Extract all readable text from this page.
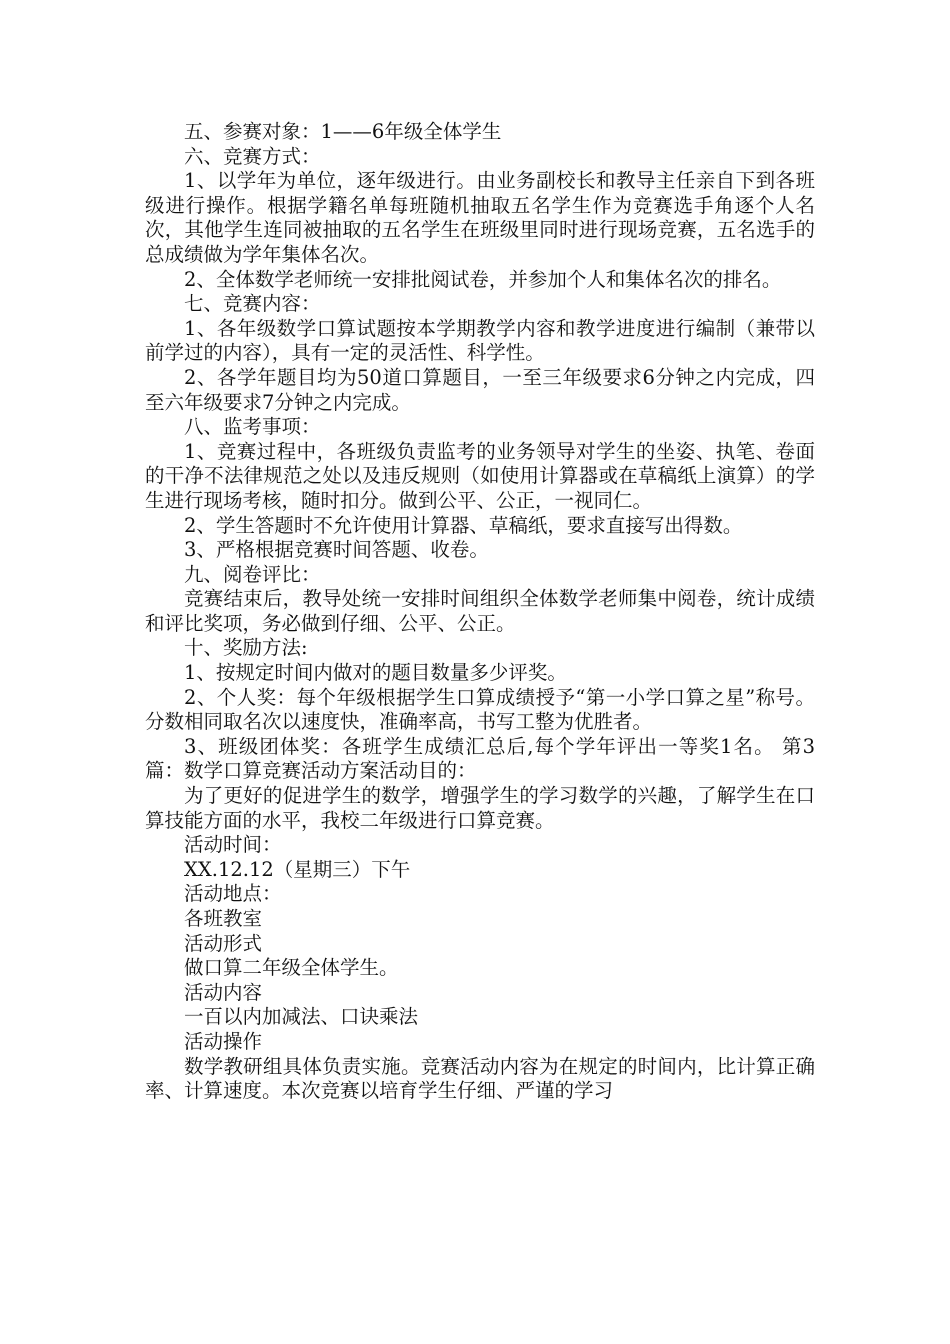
五、参赛对象：1——6年级全体学生

六、竞赛方式：

1、以学年为单位，逐年级进行。由业务副校长和教导主任亲自下到各班级进行操作。根据学籍名单每班随机抽取五名学生作为竞赛选手角逐个人名次，其他学生连同被抽取的五名学生在班级里同时进行现场竞赛，五名选手的总成绩做为学年集体名次。

2、全体数学老师统一安排批阅试卷，并参加个人和集体名次的排名。

七、竞赛内容：

1、各年级数学口算试题按本学期教学内容和教学进度进行编制（兼带以前学过的内容），具有一定的灵活性、科学性。

2、各学年题目均为50道口算题目，一至三年级要求6分钟之内完成，四至六年级要求7分钟之内完成。

八、监考事项：

1、竞赛过程中，各班级负责监考的业务领导对学生的坐姿、执笔、卷面的干净不法律规范之处以及违反规则（如使用计算器或在草稿纸上演算）的学生进行现场考核，随时扣分。做到公平、公正，一视同仁。

2、学生答题时不允许使用计算器、草稿纸，要求直接写出得数。

3、严格根据竞赛时间答题、收卷。

九、阅卷评比：

竞赛结束后，教导处统一安排时间组织全体数学老师集中阅卷，统计成绩和评比奖项，务必做到仔细、公平、公正。

十、奖励方法:

1、按规定时间内做对的题目数量多少评奖。

2、个人奖：每个年级根据学生口算成绩授予“第一小学口算之星”称号。分数相同取名次以速度快，准确率高，书写工整为优胜者。

3、班级团体奖：各班学生成绩汇总后,每个学年评出一等奖1名。 第3篇：数学口算竞赛活动方案活动目的：

为了更好的促进学生的数学，增强学生的学习数学的兴趣，了解学生在口算技能方面的水平，我校二年级进行口算竞赛。

活动时间：

XX.12.12（星期三）下午

活动地点：

各班教室

活动形式

做口算二年级全体学生。

活动内容

一百以内加减法、口诀乘法

活动操作

数学教研组具体负责实施。竞赛活动内容为在规定的时间内，比计算正确率、计算速度。本次竞赛以培育学生仔细、严谨的学习
